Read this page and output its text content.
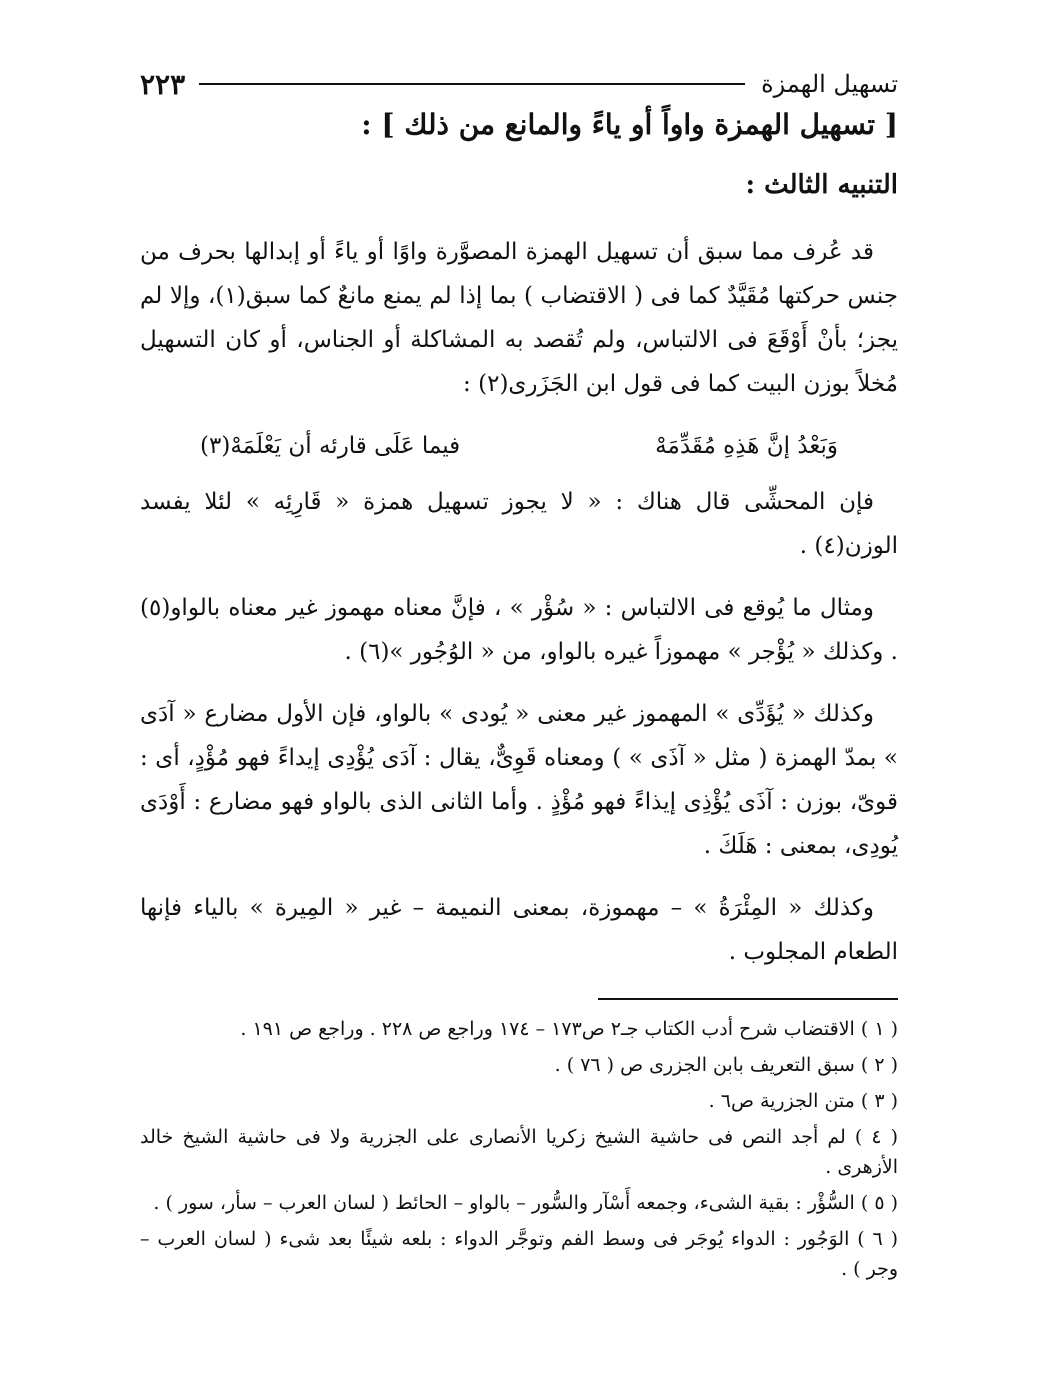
تسهيل الهمزة
٢٢٣
[ تسهيل الهمزة واواً أو ياءً والمانع من ذلك ] :
التنبيه الثالث :

قد عُرف مما سبق أن تسهيل الهمزة المصوَّرة واوًا أو ياءً أو إبدالها بحرف من جنس حركتها مُقَيَّدٌ كما فى ( الاقتضاب ) بما إذا لم يمنع مانعٌ كما سبق(١)، وإلا لم يجز؛ بأنْ أَوْقَعَ فى الالتباس، ولم تُقصد به المشاكلة أو الجناس، أو كان التسهيل مُخلاً بوزن البيت كما فى قول ابن الجَزَرى(٢) :

وَبَعْدُ إنَّ هَذِهِ مُقَدِّمَهْ
فيما عَلَى قارئه أن يَعْلَمَهْ(٣)

فإن المحشِّى قال هناك : « لا يجوز تسهيل همزة « قَارِئِه » لئلا يفسد الوزن(٤) .

ومثال ما يُوقع فى الالتباس : « سُؤْر » ، فإنَّ معناه مهموز غير معناه بالواو(٥) . وكذلك « يُؤْجر » مهموزاً غيره بالواو، من « الوُجُور »(٦) .

وكذلك « يُؤَدِّى » المهموز غير معنى « يُودى » بالواو، فإن الأول مضارع « آدَى » بمدّ الهمزة ( مثل « آذَى » ) ومعناه قَوِىٌّ، يقال : آدَى يُؤْدِى إيداءً فهو مُؤْدٍ، أى : قوىّ، بوزن : آذَى يُؤْذِى إيذاءً فهو مُؤْذٍ . وأما الثانى الذى بالواو فهو مضارع : أَوْدَى يُودِى، بمعنى : هَلَكَ .

وكذلك « المِئْرَةُ » – مهموزة، بمعنى النميمة – غير « المِيرة » بالياء فإنها الطعام المجلوب .

( ١ ) الاقتضاب شرح أدب الكتاب جـ٢ ص١٧٣ – ١٧٤ وراجع ص ٢٢٨ . وراجع ص ١٩١ .
( ٢ ) سبق التعريف بابن الجزرى ص ( ٧٦ ) .
( ٣ ) متن الجزرية ص٦ .
( ٤ ) لم أجد النص فى حاشية الشيخ زكريا الأنصارى على الجزرية ولا فى حاشية الشيخ خالد الأزهرى .
( ٥ ) السُّؤْر : بقية الشىء، وجمعه أَسْآر والسُّور – بالواو – الحائط ( لسان العرب – سأر، سور ) .
( ٦ ) الوَجُور : الدواء يُوجَر فى وسط الفم وتوجَّر الدواء : بلعه شيئًا بعد شىء ( لسان العرب – وجر ) .
